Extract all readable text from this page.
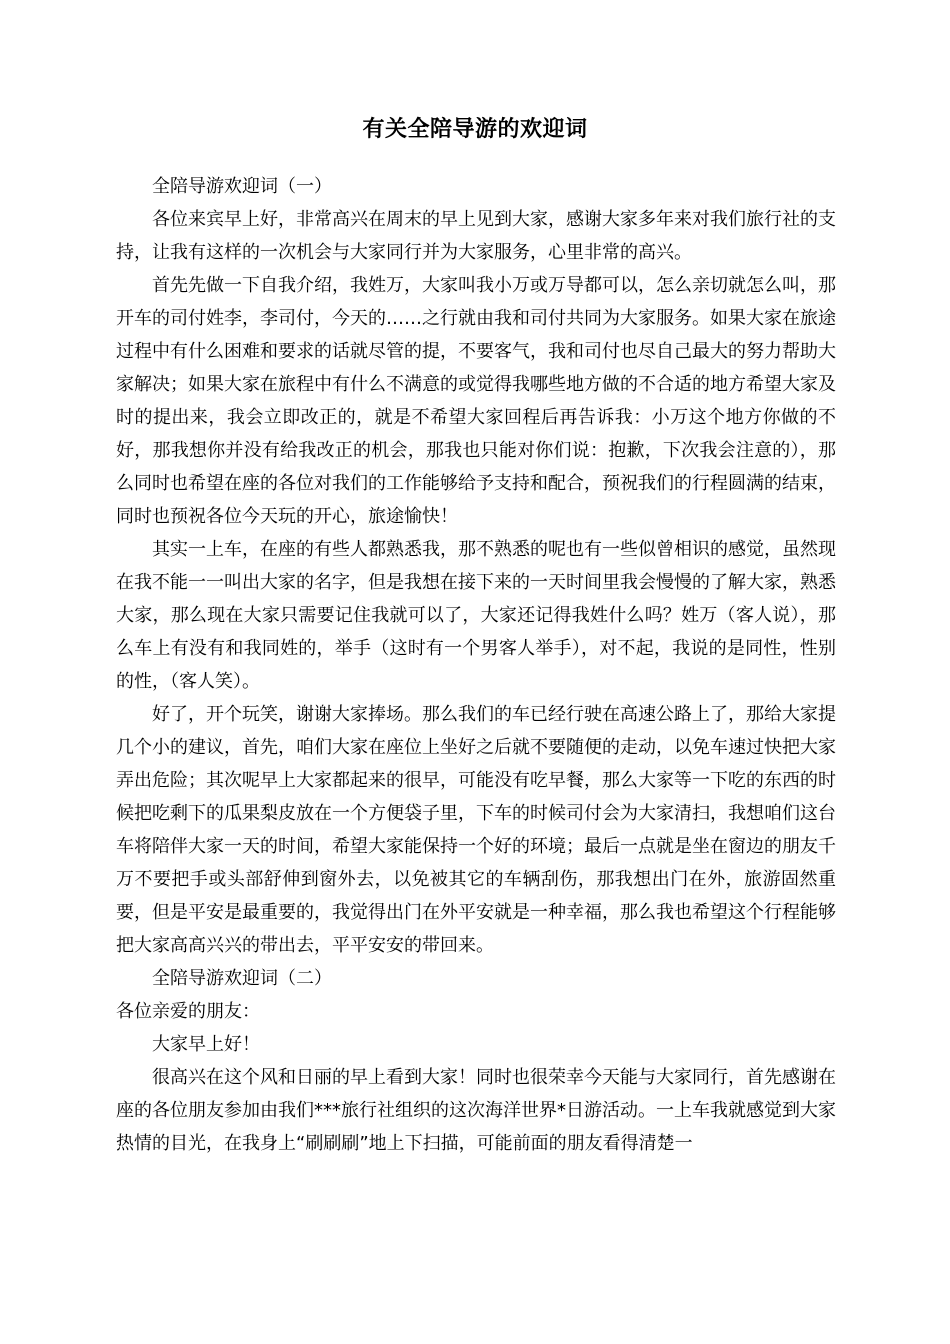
有关全陪导游的欢迎词

全陪导游欢迎词（一）

各位来宾早上好，非常高兴在周末的早上见到大家，感谢大家多年来对我们旅行社的支持，让我有这样的一次机会与大家同行并为大家服务，心里非常的高兴。

首先先做一下自我介绍，我姓万，大家叫我小万或万导都可以，怎么亲切就怎么叫，那开车的司付姓李，李司付，今天的……之行就由我和司付共同为大家服务。如果大家在旅途过程中有什么困难和要求的话就尽管的提，不要客气，我和司付也尽自己最大的努力帮助大家解决；如果大家在旅程中有什么不满意的或觉得我哪些地方做的不合适的地方希望大家及时的提出来，我会立即改正的，就是不希望大家回程后再告诉我：小万这个地方你做的不好，那我想你并没有给我改正的机会，那我也只能对你们说：抱歉，下次我会注意的），那么同时也希望在座的各位对我们的工作能够给予支持和配合，预祝我们的行程圆满的结束，同时也预祝各位今天玩的开心，旅途愉快！

其实一上车，在座的有些人都熟悉我，那不熟悉的呢也有一些似曾相识的感觉，虽然现在我不能一一叫出大家的名字，但是我想在接下来的一天时间里我会慢慢的了解大家，熟悉大家，那么现在大家只需要记住我就可以了，大家还记得我姓什么吗？姓万（客人说），那么车上有没有和我同姓的，举手（这时有一个男客人举手），对不起，我说的是同性，性别的性，（客人笑）。

好了，开个玩笑，谢谢大家捧场。那么我们的车已经行驶在高速公路上了，那给大家提几个小的建议，首先，咱们大家在座位上坐好之后就不要随便的走动，以免车速过快把大家弄出危险；其次呢早上大家都起来的很早，可能没有吃早餐，那么大家等一下吃的东西的时候把吃剩下的瓜果梨皮放在一个方便袋子里，下车的时候司付会为大家清扫，我想咱们这台车将陪伴大家一天的时间，希望大家能保持一个好的环境；最后一点就是坐在窗边的朋友千万不要把手或头部舒伸到窗外去，以免被其它的车辆刮伤，那我想出门在外，旅游固然重要，但是平安是最重要的，我觉得出门在外平安就是一种幸福，那么我也希望这个行程能够把大家高高兴兴的带出去，平平安安的带回来。

全陪导游欢迎词（二）

各位亲爱的朋友：

大家早上好！

很高兴在这个风和日丽的早上看到大家！同时也很荣幸今天能与大家同行，首先感谢在座的各位朋友参加由我们***旅行社组织的这次海洋世界*日游活动。一上车我就感觉到大家热情的目光，在我身上“刷刷刷”地上下扫描，可能前面的朋友看得清楚一
